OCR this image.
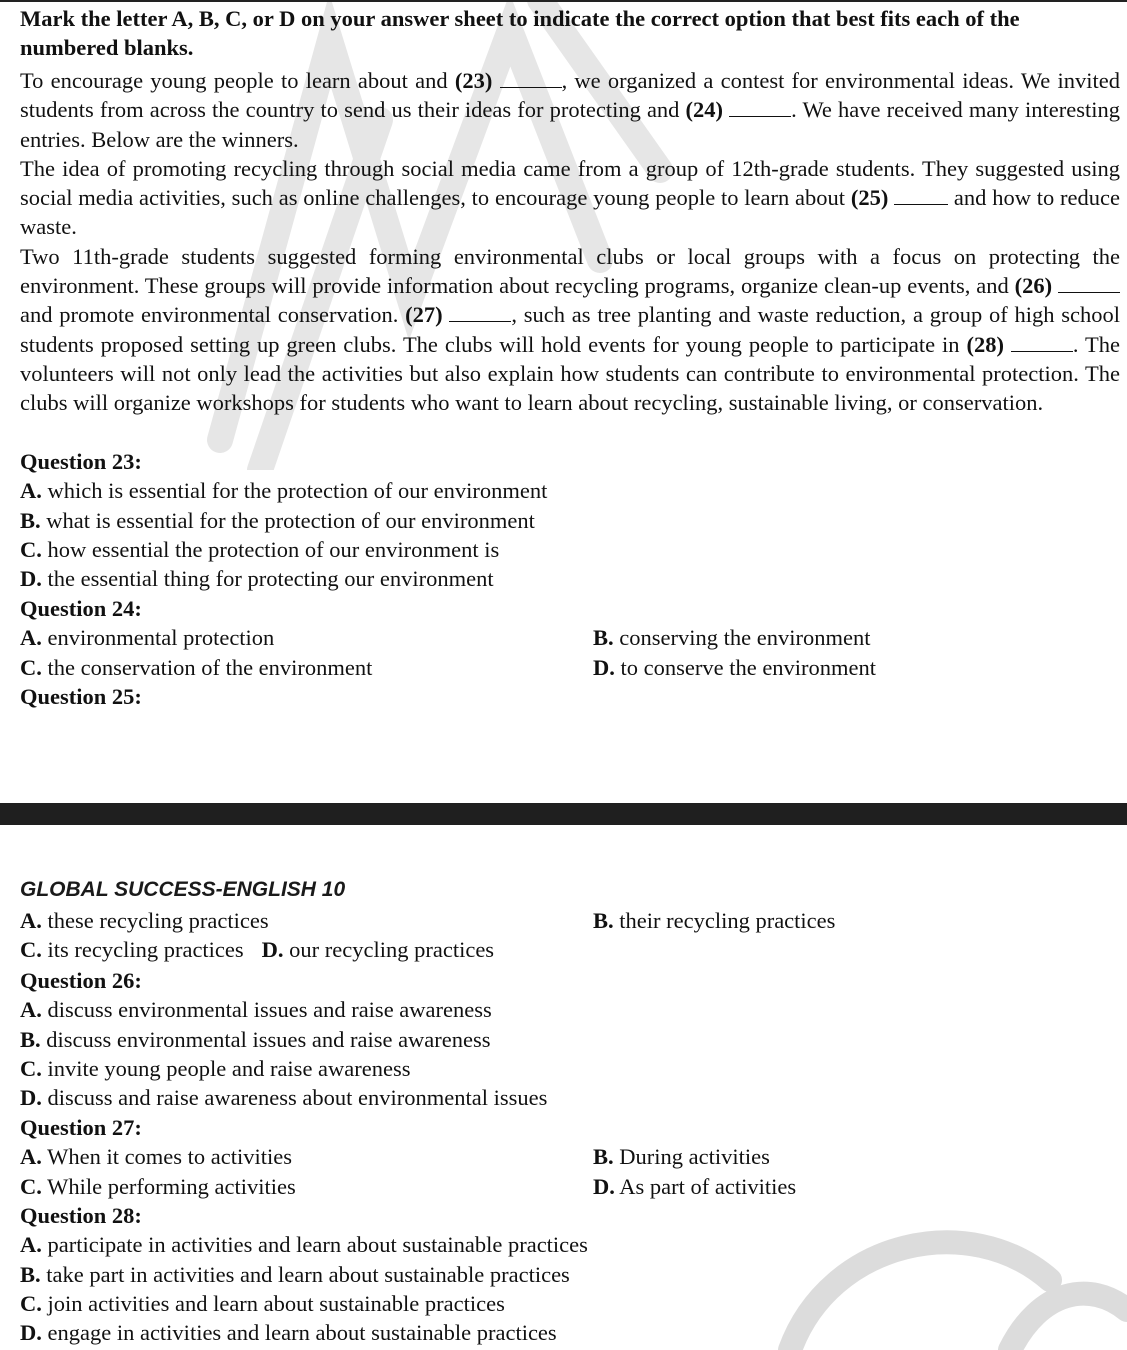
Mark the letter A, B, C, or D on your answer sheet to indicate the correct option that best fits each of the numbered blanks.

To encourage young people to learn about and (23)	, we organized a contest for environmental ideas. We invited students from across the country to send us their ideas for protecting and (24)	. We have received many interesting entries. Below are the winners.

The idea of promoting recycling through social media came from a group of 12th-grade students. They suggested using social media activities, such as online challenges, to encourage young people to learn about (25)	and how to reduce waste.

Two 11th-grade students suggested forming environmental clubs or local groups with a focus on protecting the environment. These groups will provide information about recycling programs, organize clean-up events, and (26)  and promote environmental conservation. (27)	, such as tree planting and waste reduction, a group of high school students proposed setting up green clubs. The clubs will hold events for young people to participate in (28)	. The volunteers will not only lead the activities but also explain how students can contribute to environmental protection. The clubs will organize workshops for students who want to learn about recycling, sustainable living, or conservation.

Question 23:
A. which is essential for the protection of our environment
B. what is essential for the protection of our environment
C. how essential the protection of our environment is
D. the essential thing for protecting our environment
Question 24:
A. environmental protection	B. conserving the environment
C. the conservation of the environment	D. to conserve the environment
Question 25:
GLOBAL SUCCESS-ENGLISH 10
A. these recycling practices	B. their recycling practices
C. its recycling practices D. our recycling practices
Question 26:
A. discuss environmental issues and raise awareness
B. discuss environmental issues and raise awareness
C. invite young people and raise awareness
D. discuss and raise awareness about environmental issues
Question 27:
A. When it comes to activities	B. During activities
C. While performing activities	D. As part of activities
Question 28:
A. participate in activities and learn about sustainable practices
B. take part in activities and learn about sustainable practices
C. join activities and learn about sustainable practices
D. engage in activities and learn about sustainable practices
